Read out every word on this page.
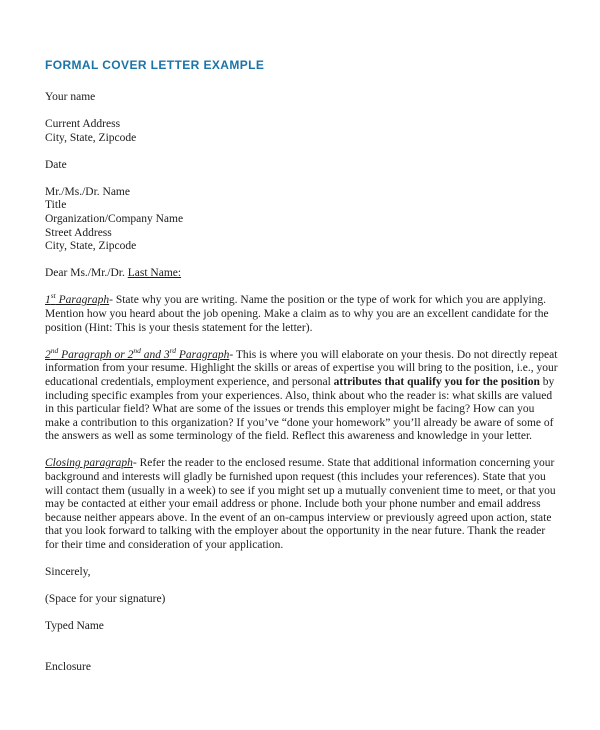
FORMAL COVER LETTER EXAMPLE

Your name

Current Address

City, State, Zipcode

Date

Mr./Ms./Dr. Name

Title

Organization/Company Name

Street Address

City, State, Zipcode

Dear Ms./Mr./Dr. Last Name:

1st Paragraph- State why you are writing. Name the position or the type of work for which you are applying. Mention how you heard about the job opening. Make a claim as to why you are an excellent candidate for the position (Hint: This is your thesis statement for the letter).

2nd Paragraph or 2nd and 3rd Paragraph- This is where you will elaborate on your thesis. Do not directly repeat information from your resume. Highlight the skills or areas of expertise you will bring to the position, i.e., your educational credentials, employment experience, and personal attributes that qualify you for the position by including specific examples from your experiences. Also, think about who the reader is: what skills are valued in this particular field? What are some of the issues or trends this employer might be facing? How can you make a contribution to this organization? If you’ve “done your homework” you’ll already be aware of some of the answers as well as some terminology of the field. Reflect this awareness and knowledge in your letter.

Closing paragraph- Refer the reader to the enclosed resume. State that additional information concerning your background and interests will gladly be furnished upon request (this includes your references). State that you will contact them (usually in a week) to see if you might set up a mutually convenient time to meet, or that you may be contacted at either your email address or phone. Include both your phone number and email address because neither appears above. In the event of an on-campus interview or previously agreed upon action, state that you look forward to talking with the employer about the opportunity in the near future. Thank the reader for their time and consideration of your application.

Sincerely,

(Space for your signature)

Typed Name

Enclosure
